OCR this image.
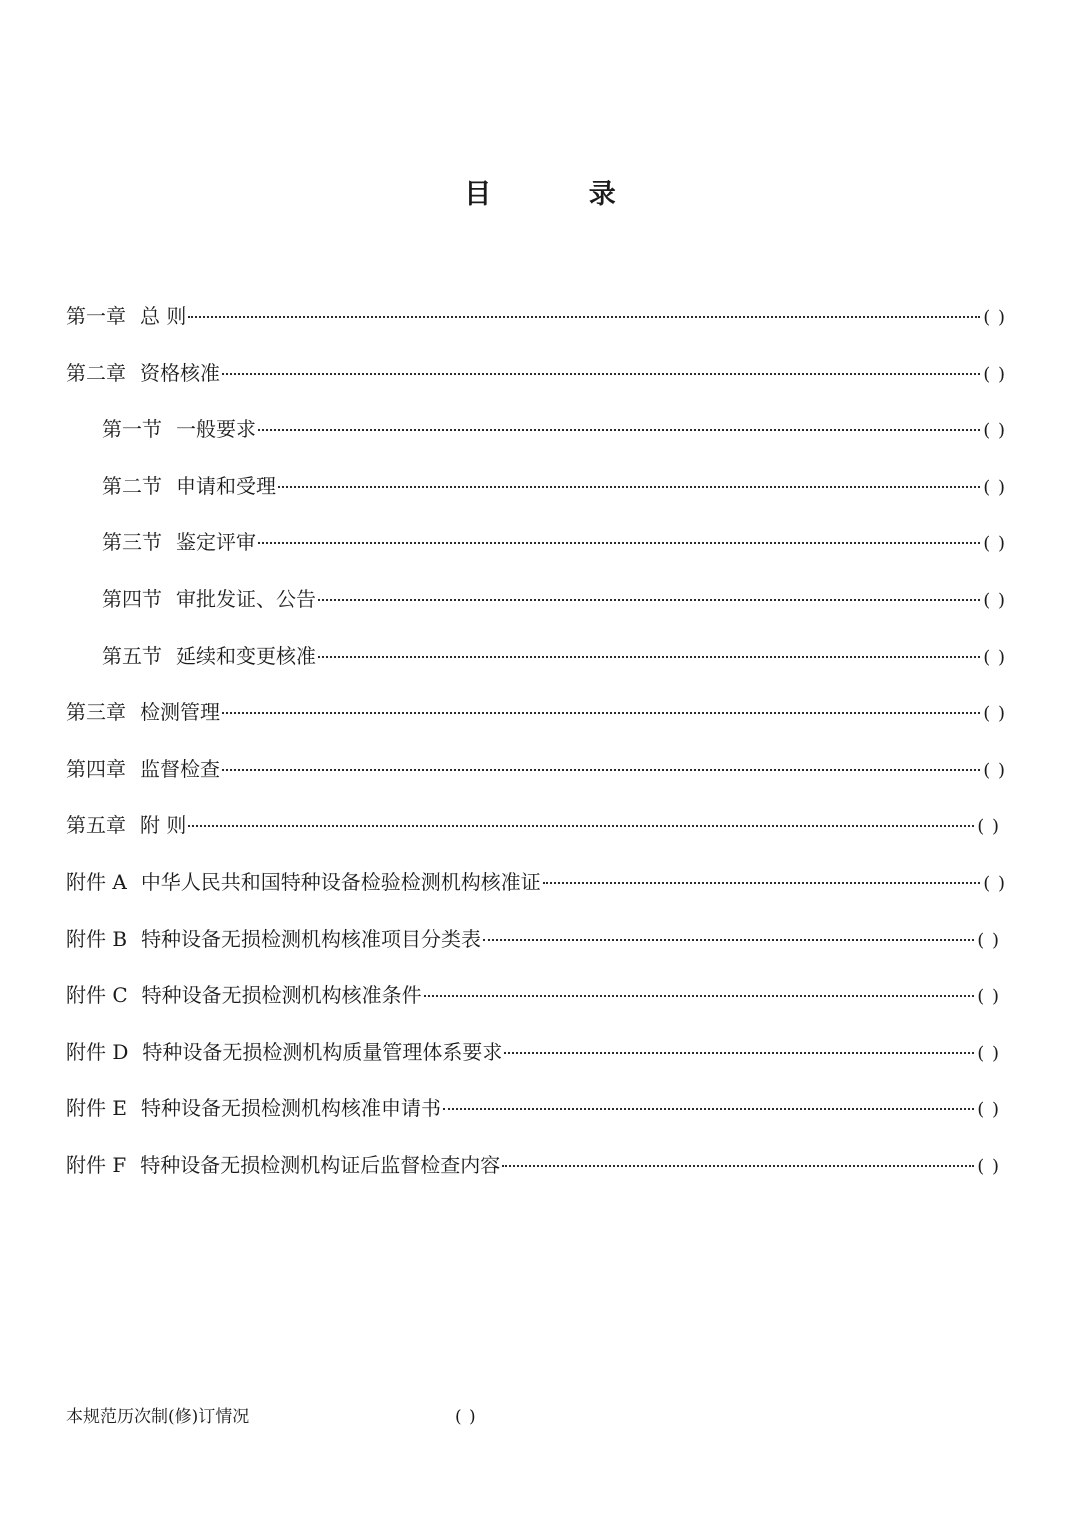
目 录
第一章 总 则	( )
第二章 资格核准	( )
第一节 一般要求	( )
第二节 申请和受理	( )
第三节 鉴定评审	( )
第四节 审批发证、公告	( )
第五节 延续和变更核准	( )
第三章 检测管理	( )
第四章 监督检查	( )
第五章 附 则	( )
附件 A 中华人民共和国特种设备检验检测机构核准证	( )
附件 B 特种设备无损检测机构核准项目分类表	( )
附件 C 特种设备无损检测机构核准条件	( )
附件 D 特种设备无损检测机构质量管理体系要求	( )
附件 E 特种设备无损检测机构核准申请书	( )
附件 F 特种设备无损检测机构证后监督检查内容	( )
本规范历次制(修)订情况	( )
